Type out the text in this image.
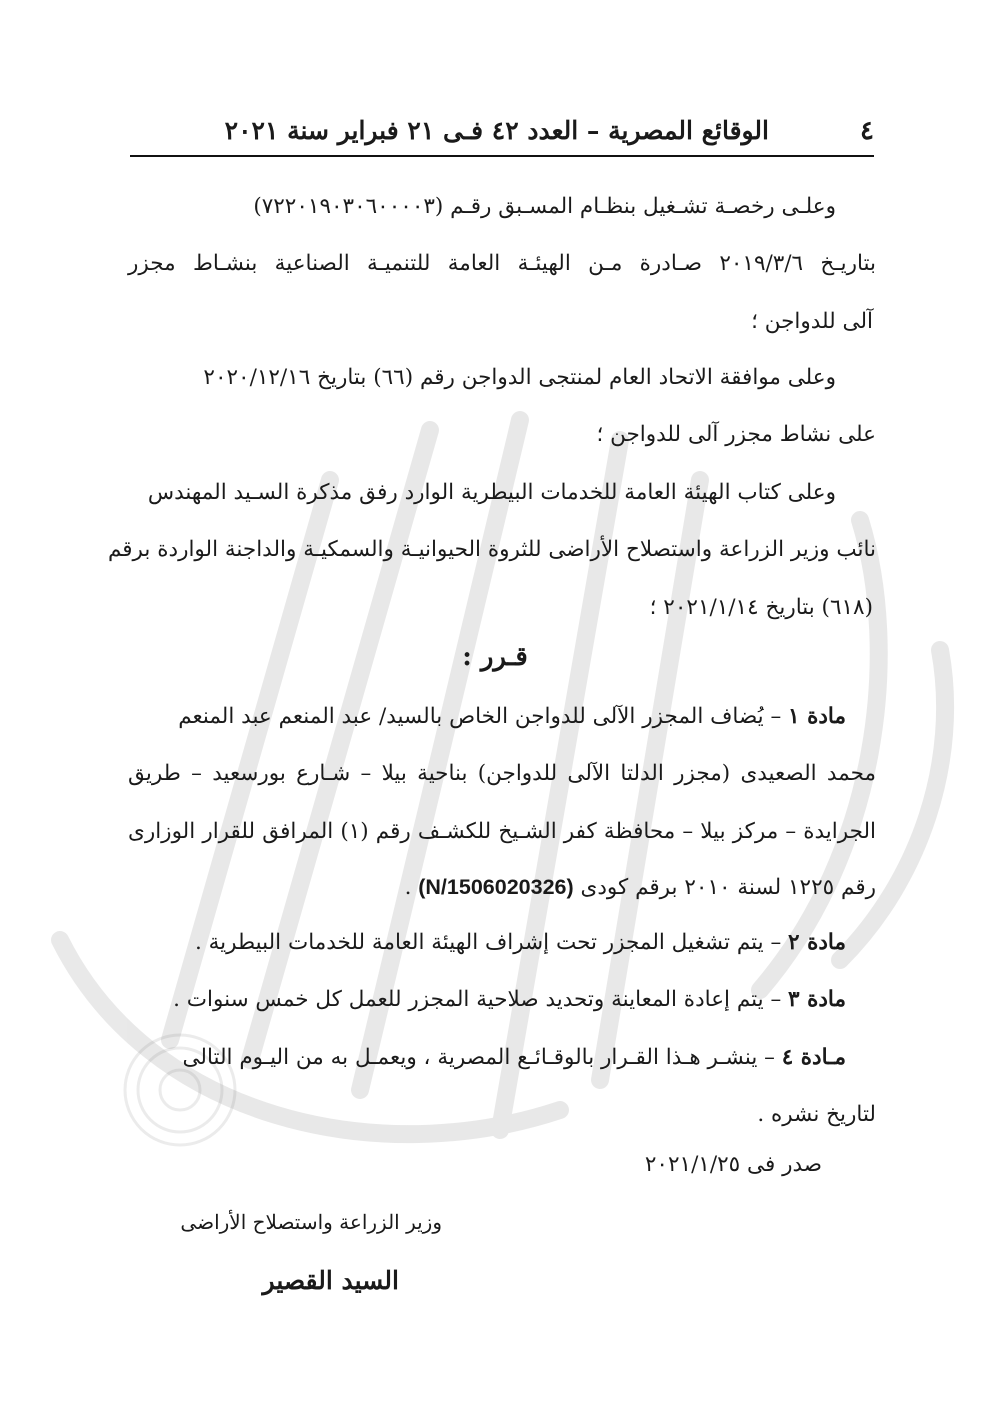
٤
الوقائع المصرية – العدد ٤٢ فـى ٢١ فبراير سنة ٢٠٢١
وعلـى رخصـة تشـغيل بنظـام المسـبق رقـم (٧٢٢٠١٩٠٣٠٦٠٠٠٠٣)
بتاريـخ ٢٠١٩/٣/٦ صـادرة مـن الهيئـة العامة للتنميـة الصناعية بنشـاط مجزر
آلى للدواجن ؛
وعلى موافقة الاتحاد العام لمنتجى الدواجن رقم (٦٦) بتاريخ ٢٠٢٠/١٢/١٦
على نشاط مجزر آلى للدواجن ؛
وعلى كتاب الهيئة العامة للخدمات البيطرية الوارد رفق مذكرة السـيد المهندس
نائب وزير الزراعة واستصلاح الأراضى للثروة الحيوانيـة والسمكيـة والداجنة الواردة برقم
(٦١٨) بتاريخ ٢٠٢١/١/١٤ ؛
قـرر :
مادة ١ – يُضاف المجزر الآلى للدواجن الخاص بالسيد/ عبد المنعم عبد المنعم
محمد الصعيدى (مجزر الدلتا الآلى للدواجن) بناحية بيلا – شـارع بورسعيد – طريق
الجرايدة – مركز بيلا – محافظة كفر الشـيخ للكشـف رقم (١) المرافق للقرار الوزارى
رقم ١٢٢٥ لسنة ٢٠١٠ برقم كودى (N/1506020326) .
مادة ٢ – يتم تشغيل المجزر تحت إشراف الهيئة العامة للخدمات البيطرية .
مادة ٣ – يتم إعادة المعاينة وتحديد صلاحية المجزر للعمل كل خمس سنوات .
مـادة ٤ – ينشـر هـذا القـرار بالوقـائـع المصرية ، ويعمـل به من اليـوم التالى
لتاريخ نشره .
صدر فى ٢٠٢١/١/٢٥
وزير الزراعة واستصلاح الأراضى
السيد القصير
